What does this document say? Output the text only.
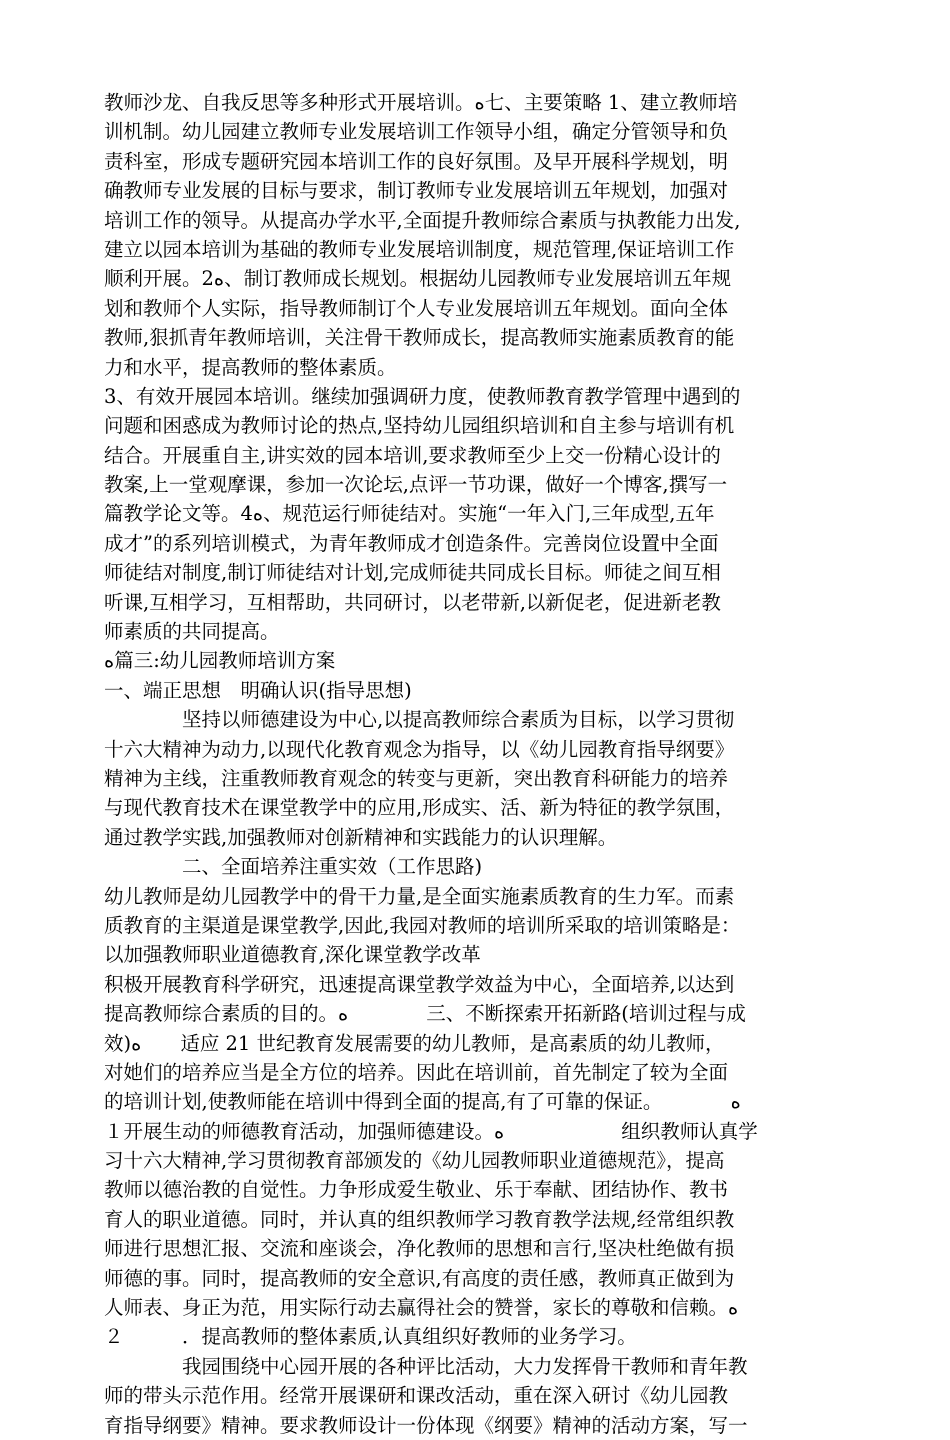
教师沙龙、自我反思等多种形式开展培训。ﻩ七、主要策略 1、建立教师培
训机制。幼儿园建立教师专业发展培训工作领导小组，确定分管领导和负
责科室，形成专题研究园本培训工作的良好氛围。及早开展科学规划，明
确教师专业发展的目标与要求，制订教师专业发展培训五年规划，加强对
培训工作的领导。从提高办学水平,全面提升教师综合素质与执教能力出发,
建立以园本培训为基础的教师专业发展培训制度，规范管理,保证培训工作
顺利开展。2ﻩ、制订教师成长规划。根据幼儿园教师专业发展培训五年规
划和教师个人实际，指导教师制订个人专业发展培训五年规划。面向全体
教师,狠抓青年教师培训，关注骨干教师成长，提高教师实施素质教育的能
力和水平，提高教师的整体素质。
3、有效开展园本培训。继续加强调研力度，使教师教育教学管理中遇到的
问题和困惑成为教师讨论的热点,坚持幼儿园组织培训和自主参与培训有机
结合。开展重自主,讲实效的园本培训,要求教师至少上交一份精心设计的
教案,上一堂观摩课，参加一次论坛,点评一节功课，做好一个博客,撰写一
篇教学论文等。4ﻩ、规范运行师徒结对。实施“一年入门,三年成型,五年
成才”的系列培训模式，为青年教师成才创造条件。完善岗位设置中全面
师徒结对制度,制订师徒结对计划,完成师徒共同成长目标。师徒之间互相
听课,互相学习，互相帮助，共同研讨，以老带新,以新促老，促进新老教
师素质的共同提高。
ﻩ篇三:幼儿园教师培训方案
一、端正思想　明确认识(指导思想)
　　　　坚持以师德建设为中心,以提高教师综合素质为目标，以学习贯彻
十六大精神为动力,以现代化教育观念为指导，以《幼儿园教育指导纲要》
精神为主线，注重教师教育观念的转变与更新，突出教育科研能力的培养
与现代教育技术在课堂教学中的应用,形成实、活、新为特征的教学氛围，
通过教学实践,加强教师对创新精神和实践能力的认识理解。
　　　　二、全面培养注重实效（工作思路)
幼儿教师是幼儿园教学中的骨干力量,是全面实施素质教育的生力军。而素
质教育的主渠道是课堂教学,因此,我园对教师的培训所采取的培训策略是：
以加强教师职业道德教育,深化课堂教学改革
积极开展教育科学研究，迅速提高课堂教学效益为中心，全面培养,以达到
提高教师综合素质的目的。ﻩ　　　　三、不断探索开拓新路(培训过程与成
效)ﻩ　　适应 21 世纪教育发展需要的幼儿教师，是高素质的幼儿教师，
对她们的培养应当是全方位的培养。因此在培训前，首先制定了较为全面
的培训计划,使教师能在培训中得到全面的提高,有了可靠的保证。　　　　ﻩ
１开展生动的师德教育活动，加强师德建设。ﻩ　　　　　　组织教师认真学
习十六大精神,学习贯彻教育部颁发的《幼儿园教师职业道德规范》，提高
教师以德治教的自觉性。力争形成爱生敬业、乐于奉献、团结协作、教书
育人的职业道德。同时，并认真的组织教师学习教育教学法规,经常组织教
师进行思想汇报、交流和座谈会，净化教师的思想和言行,坚决杜绝做有损
师德的事。同时，提高教师的安全意识,有高度的责任感，教师真正做到为
人师表、身正为范，用实际行动去赢得社会的赞誉，家长的尊敬和信赖。ﻩ
２　　　．提高教师的整体素质,认真组织好教师的业务学习。
　　　　我园围绕中心园开展的各种评比活动，大力发挥骨干教师和青年教
师的带头示范作用。经常开展课研和课改活动，重在深入研讨《幼儿园教
育指导纲要》精神。要求教师设计一份体现《纲要》精神的活动方案，写一
